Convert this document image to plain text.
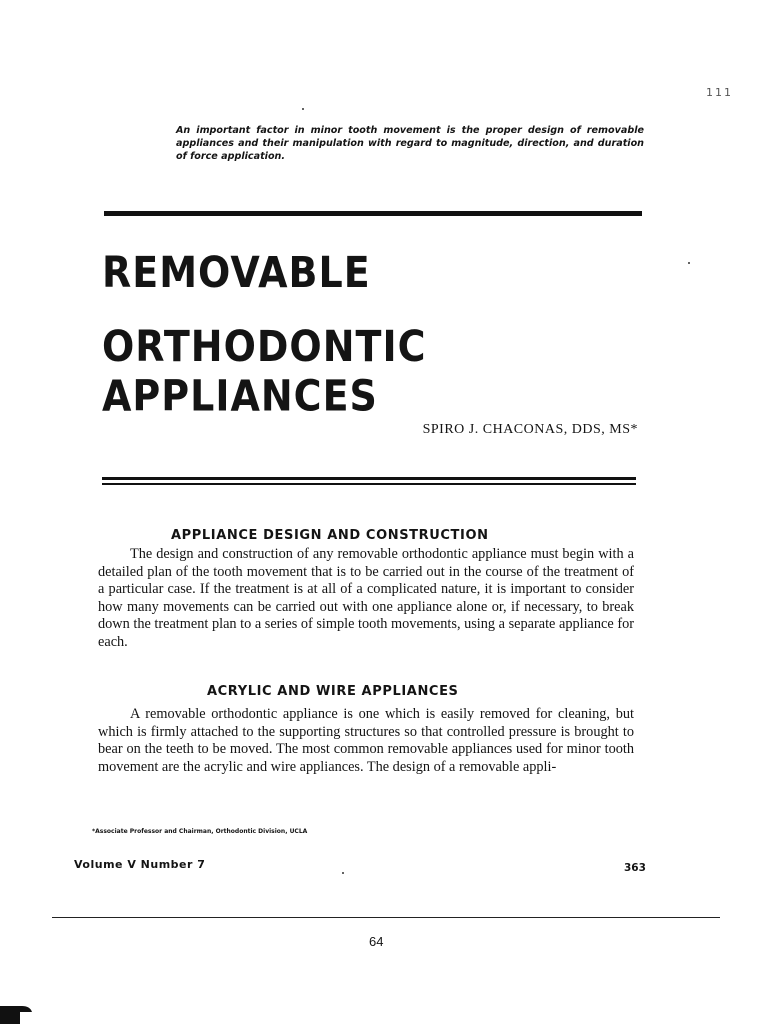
111
An important factor in minor tooth movement is the proper design of removable appliances and their manipulation with regard to magnitude, direction, and duration of force application.
REMOVABLE
ORTHODONTIC APPLIANCES
SPIRO J. CHACONAS, DDS, MS*
APPLIANCE DESIGN AND CONSTRUCTION
The design and construction of any removable orthodontic appliance must begin with a detailed plan of the tooth movement that is to be carried out in the course of the treatment of a particular case. If the treatment is at all of a complicated nature, it is important to consider how many movements can be carried out with one appliance alone or, if necessary, to break down the treatment plan to a series of simple tooth movements, using a separate appliance for each.
ACRYLIC AND WIRE APPLIANCES
A removable orthodontic appliance is one which is easily removed for cleaning, but which is firmly attached to the supporting structures so that controlled pressure is brought to bear on the teeth to be moved. The most common removable appliances used for minor tooth movement are the acrylic and wire appliances. The design of a removable appli-
*Associate Professor and Chairman, Orthodontic Division, UCLA
Volume V Number 7	363
64
